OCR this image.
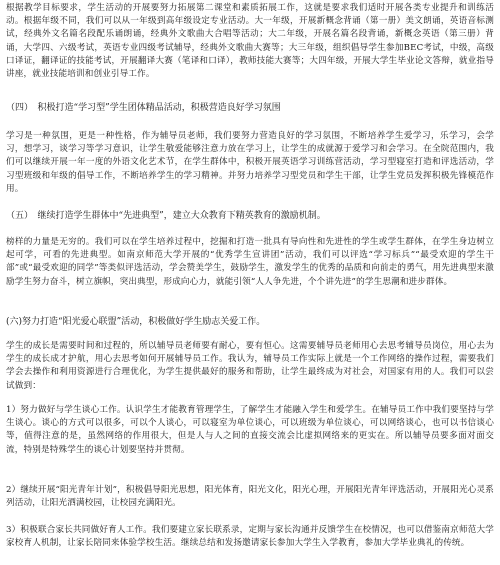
根据教学目标要求，学生活动的开展要努力拓展第二课堂和素质拓展工作，这就是要求我们适时开展各类专业提升和训练活动。根据年级不同，我们可以从一年级到高年级设定专业活动。大一年级，开展新概念背诵（第一册）美文朗诵，英语音标测试，经典外文名篇名段配乐诵朗诵，经典外文歌曲大合唱等活动；大二年级，开展名篇名段背诵，新概念英语（第三册）背诵，大学四、六级考试，英语专业四级考试辅导，经典外文歌曲大赛等；大三年级，组织倡导学生参加BEC考试，中级，高级口译证，翻译证的技能考试，开展翻译大赛（笔译和口译），教师技能大赛等；大四年级，开展大学生毕业论文答辩，就业指导讲座，就业技能培训和创业引导工作。

（四）　积极打造“学习型”学生团体精品活动，积极营造良好学习氛围

学习是一种氛围，更是一种性格，作为辅导员老师，我们要努力营造良好的学习氛围，不断培养学生爱学习，乐学习，会学习，想学习，谈学习等学习意识，让学生敬爱能够注意力放在学习上，让学生的成就源于爱学习和会学习。在全院范围内，我们可以继续开展一年一度的外语文化艺术节，在学生群体中，积极开展英语学习训练营活动，学习型寝室打造和评选活动，学习型班级和年级的倡导工作，不断培养学生的学习精神。并努力培养学习型党员和学生干部，让学生党员发挥积极先锋模范作用。

（五）　继续打造学生群体中“先进典型”，建立大众教育下精英教育的激励机制。

榜样的力量是无穷的。我们可以在学生培养过程中，挖掘和打造一批具有导向性和先进性的学生或学生群体，在学生身边树立起可学，可看的先进典型。如南京师范大学开展的“优秀学生宣讲团”活动，我们可以评选“学习标兵”“最受欢迎的学生干部”或“最受欢迎的同学”等类似评选活动，学会赞美学生，鼓励学生，激发学生的优秀的品质和向前走的勇气，用先进典型来激励学生努力奋斗，树立旗帜，突出典型，形成向心力，就能引领“人人争先进，个个讲先进”的学生思潮和进步群体。

(六)努力打造“阳光爱心联盟”活动，积极做好学生励志关爱工作。

学生的成长是需要时间和过程的，所以辅导员老师要有耐心，要有恒心。这需要辅导员老师用心去思考辅导员岗位，用心去为学生的成长成才护航，用心去思考如何开展辅导员工作。我认为，辅导员工作实际上就是一个工作网络的操作过程，需要我们学会去操作和利用资源进行合理优化，为学生提供最好的服务和帮助，让学生最终成为对社会，对国家有用的人。我们可以尝试做到：

1）努力做好与学生谈心工作。认识学生才能教育管理学生，了解学生才能融入学生和爱学生。在辅导员工作中我们要坚持与学生谈心。谈心的方式可以很多，可以个人谈心，可以寝室为单位谈心，可以班级为单位谈心，可以网络谈心，也可以书信谈心等，值得注意的是，虽然网络的作用很大，但是人与人之间的直接交流会比虚拟网络来的更实在。所以辅导员要多面对面交流，特别是特殊学生的谈心计划要坚持并贯彻。

2）继续开展“阳光青年计划”，积极倡导阳光思想，阳光体育，阳光文化，阳光心理，开展阳光青年评选活动，开展阳光心灵系列活动，让阳光洒满校园，让校园充满阳光。

3）积极联合家长共同做好育人工作。我们要建立家长联系录，定期与家长沟通并反馈学生在校情况，也可以借鉴南京师范大学家校育人机制，让家长陪同来体验学校生活。继续总结和发扬邀请家长参加大学生入学教育，参加大学毕业典礼的传统。
